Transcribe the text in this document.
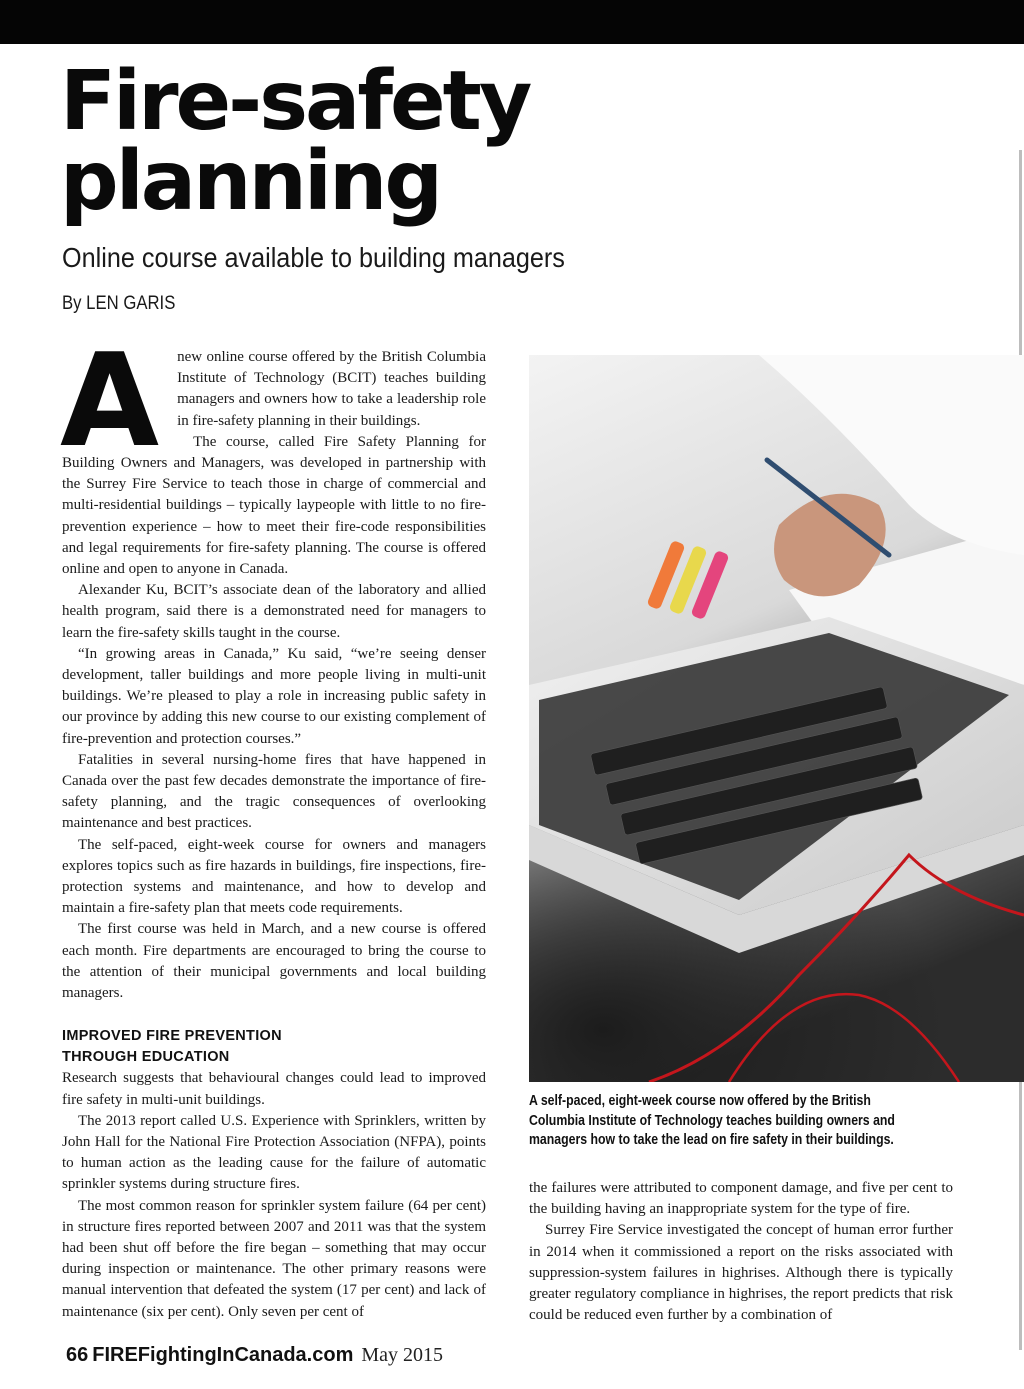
Fire-safety
planning
Online course available to building managers
By LEN GARIS
A	new online course offered by the British Columbia Institute of Technology (BCIT) teaches building managers and owners how to take a leadership role in fire-safety planning in their buildings.

The course, called Fire Safety Planning for Building Owners and Managers, was developed in partnership with the Surrey Fire Service to teach those in charge of commercial and multi-residential buildings – typically laypeople with little to no fire-prevention experience – how to meet their fire-code responsibilities and legal requirements for fire-safety planning. The course is offered online and open to anyone in Canada.

Alexander Ku, BCIT’s associate dean of the laboratory and allied health program, said there is a demonstrated need for managers to learn the fire-safety skills taught in the course.

“In growing areas in Canada,” Ku said, “we’re seeing denser development, taller buildings and more people living in multi-unit buildings. We’re pleased to play a role in increasing public safety in our province by adding this new course to our existing complement of fire-prevention and protection courses.”

Fatalities in several nursing-home fires that have happened in Canada over the past few decades demonstrate the importance of fire-safety planning, and the tragic consequences of overlooking maintenance and best practices.

The self-paced, eight-week course for owners and managers explores topics such as fire hazards in buildings, fire inspections, fire-protection systems and maintenance, and how to develop and maintain a fire-safety plan that meets code requirements.

The first course was held in March, and a new course is offered each month. Fire departments are encouraged to bring the course to the attention of their municipal governments and local building managers.

IMPROVED FIRE PREVENTION
THROUGH EDUCATION

Research suggests that behavioural changes could lead to improved fire safety in multi-unit buildings.

The 2013 report called U.S. Experience with Sprinklers, written by John Hall for the National Fire Protection Association (NFPA), points to human action as the leading cause for the failure of automatic sprinkler systems during structure fires.

The most common reason for sprinkler system failure (64 per cent) in structure fires reported between 2007 and 2011 was that the system had been shut off before the fire began – something that may occur during inspection or maintenance. The other primary reasons were manual intervention that defeated the system (17 per cent) and lack of maintenance (six per cent). Only seven per cent of

A self-paced, eight-week course now offered by the British Columbia Institute of Technology teaches building owners and managers how to take the lead on fire safety in their buildings.

the failures were attributed to component damage, and five per cent to the building having an inappropriate system for the type of fire.

Surrey Fire Service investigated the concept of human error further in 2014 when it commissioned a report on the risks associated with suppression-system failures in highrises. Although there is typically greater regulatory compliance in highrises, the report predicts that risk could be reduced even further by a combination of

66 FIREFightingInCanada.com May 2015
